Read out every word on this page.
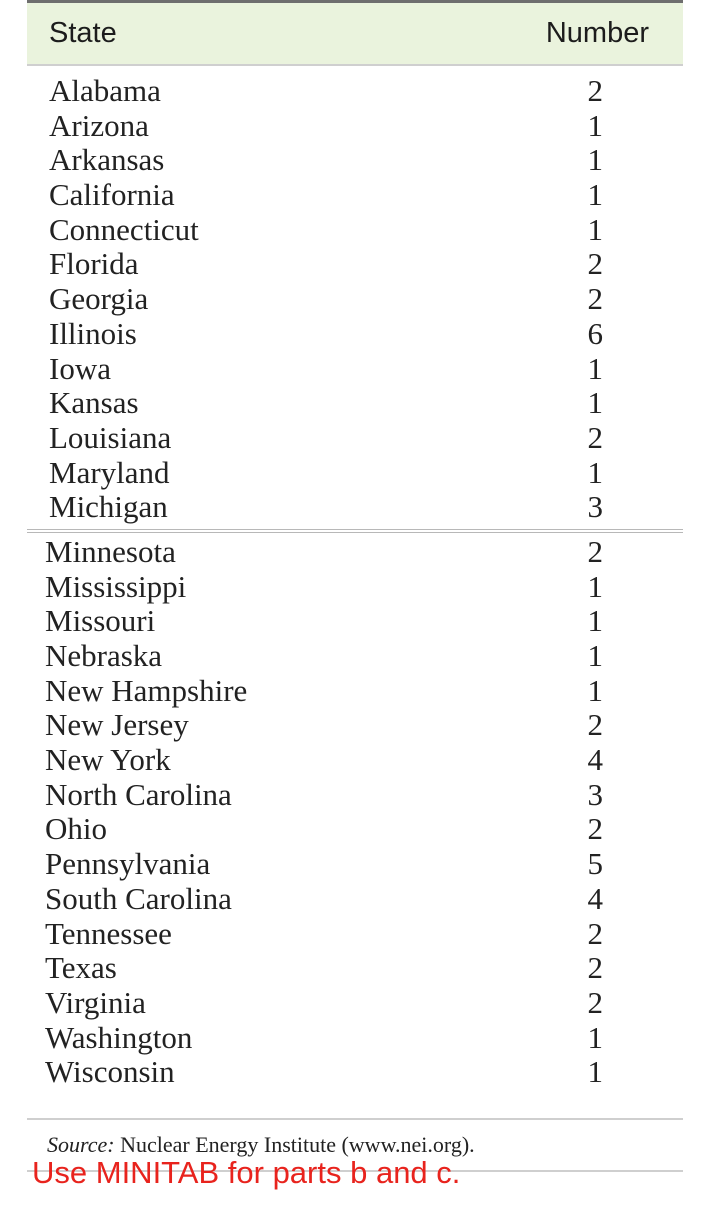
State	Number
Alabama	2
Arizona	1
Arkansas	1
California	1
Connecticut	1
Florida	2
Georgia	2
Illinois	6
Iowa	1
Kansas	1
Louisiana	2
Maryland	1
Michigan	3
Minnesota	2
Mississippi	1
Missouri	1
Nebraska	1
New Hampshire	1
New Jersey	2
New York	4
North Carolina	3
Ohio	2
Pennsylvania	5
South Carolina	4
Tennessee	2
Texas	2
Virginia	2
Washington	1
Wisconsin	1
Source: Nuclear Energy Institute (www.nei.org).
Use MINITAB for parts b and c.
